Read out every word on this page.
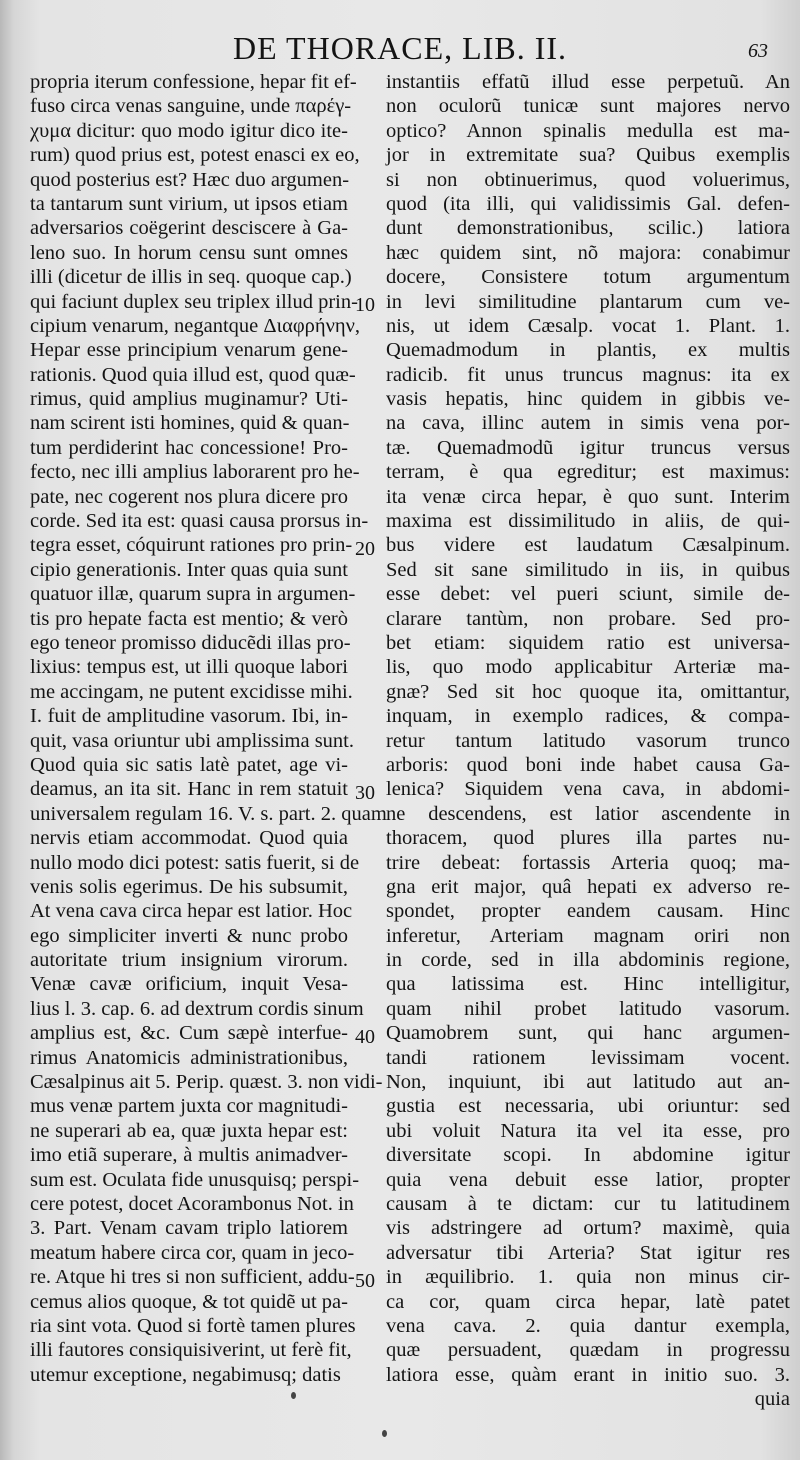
DE THORACE, LIB. II.	63
propria iterum confessione, hepar fit ef-
fuso circa venas sanguine, unde παρέγ-
χυμα dicitur: quo modo igitur dico ite-
rum) quod prius est, potest enasci ex eo,
quod posterius est? Hæc duo argumen-
ta tantarum sunt virium, ut ipsos etiam
adversarios coëgerint desciscere à Ga-
leno suo. In horum censu sunt omnes
illi (dicetur de illis in seq. quoque cap.)
qui faciunt duplex seu triplex illud prin-
cipium venarum, negantque Διαφρήνην,
Hepar esse principium venarum gene-
rationis. Quod quia illud est, quod quæ-
rimus, quid amplius muginamur? Uti-
nam scirent isti homines, quid & quan-
tum perdiderint hac concessione! Pro-
fecto, nec illi amplius laborarent pro he-
pate, nec cogerent nos plura dicere pro
corde. Sed ita est: quasi causa prorsus in-
tegra esset, cóquirunt rationes pro prin-
cipio generationis. Inter quas quia sunt
quatuor illæ, quarum supra in argumen-
tis pro hepate facta est mentio; & verò
ego teneor promisso diducẽdi illas pro-
lixius: tempus est, ut illi quoque labori
me accingam, ne putent excidisse mihi.
I. fuit de amplitudine vasorum. Ibi, in-
quit, vasa oriuntur ubi amplissima sunt.
Quod quia sic satis latè patet, age vi-
deamus, an ita sit. Hanc in rem statuit
universalem regulam 16. V. s. part. 2. quam
nervis etiam accommodat. Quod quia
nullo modo dici potest: satis fuerit, si de
venis solis egerimus. De his subsumit,
At vena cava circa hepar est latior. Hoc
ego simpliciter inverti & nunc probo
autoritate trium insignium virorum.
Venæ cavæ orificium, inquit Vesa-
lius l. 3. cap. 6. ad dextrum cordis sinum
amplius est, &c. Cum sæpè interfue-
rimus Anatomicis administrationibus,
Cæsalpinus ait 5. Perip. quæst. 3. non vidi-
mus venæ partem juxta cor magnitudi-
ne superari ab ea, quæ juxta hepar est:
imo etiã superare, à multis animadver-
sum est. Oculata fide unusquisq; perspi-
cere potest, docet Acorambonus Not. in
3. Part. Venam cavam triplo latiorem
meatum habere circa cor, quam in jeco-
re. Atque hi tres si non sufficient, addu-
cemus alios quoque, & tot quidẽ ut pa-
ria sint vota. Quod si fortè tamen plures
illi fautores consiquisiverint, ut ferè fit,
utemur exceptione, negabimusq; datis
instantiis effatũ illud esse perpetuũ. An
non oculorũ tunicæ sunt majores nervo
optico? Annon spinalis medulla est ma-
jor in extremitate sua? Quibus exemplis
si non obtinuerimus, quod voluerimus,
quod (ita illi, qui validissimis Gal. defen-
dunt demonstrationibus, scilic.) latiora
hæc quidem sint, nõ majora: conabimur
docere, Consistere totum argumentum
in levi similitudine plantarum cum ve-
nis, ut idem Cæsalp. vocat 1. Plant. 1.
Quemadmodum in plantis, ex multis
radicib. fit unus truncus magnus: ita ex
vasis hepatis, hinc quidem in gibbis ve-
na cava, illinc autem in simis vena por-
tæ. Quemadmodũ igitur truncus versus
terram, è qua egreditur; est maximus:
ita venæ circa hepar, è quo sunt. Interim
maxima est dissimilitudo in aliis, de qui-
bus videre est laudatum Cæsalpinum.
Sed sit sane similitudo in iis, in quibus
esse debet: vel pueri sciunt, simile de-
clarare tantùm, non probare. Sed pro-
bet etiam: siquidem ratio est universa-
lis, quo modo applicabitur Arteriæ ma-
gnæ? Sed sit hoc quoque ita, omittantur,
inquam, in exemplo radices, & compa-
retur tantum latitudo vasorum trunco
arboris: quod boni inde habet causa Ga-
lenica? Siquidem vena cava, in abdomi-
ne descendens, est latior ascendente in
thoracem, quod plures illa partes nu-
trire debeat: fortassis Arteria quoq; ma-
gna erit major, quâ hepati ex adverso re-
spondet, propter eandem causam. Hinc
inferetur, Arteriam magnam oriri non
in corde, sed in illa abdominis regione,
qua latissima est. Hinc intelligitur,
quam nihil probet latitudo vasorum.
Quamobrem sunt, qui hanc argumen-
tandi rationem levissimam vocent.
Non, inquiunt, ibi aut latitudo aut an-
gustia est necessaria, ubi oriuntur: sed
ubi voluit Natura ita vel ita esse, pro
diversitate scopi. In abdomine igitur
quia vena debuit esse latior, propter
causam à te dictam: cur tu latitudinem
vis adstringere ad ortum? maximè, quia
adversatur tibi Arteria? Stat igitur res
in æquilibrio. 1. quia non minus cir-
ca cor, quam circa hepar, latè patet
vena cava. 2. quia dantur exempla,
quæ persuadent, quædam in progressu
latiora esse, quàm erant in initio suo. 3.
quia
10
20
30
40
50
